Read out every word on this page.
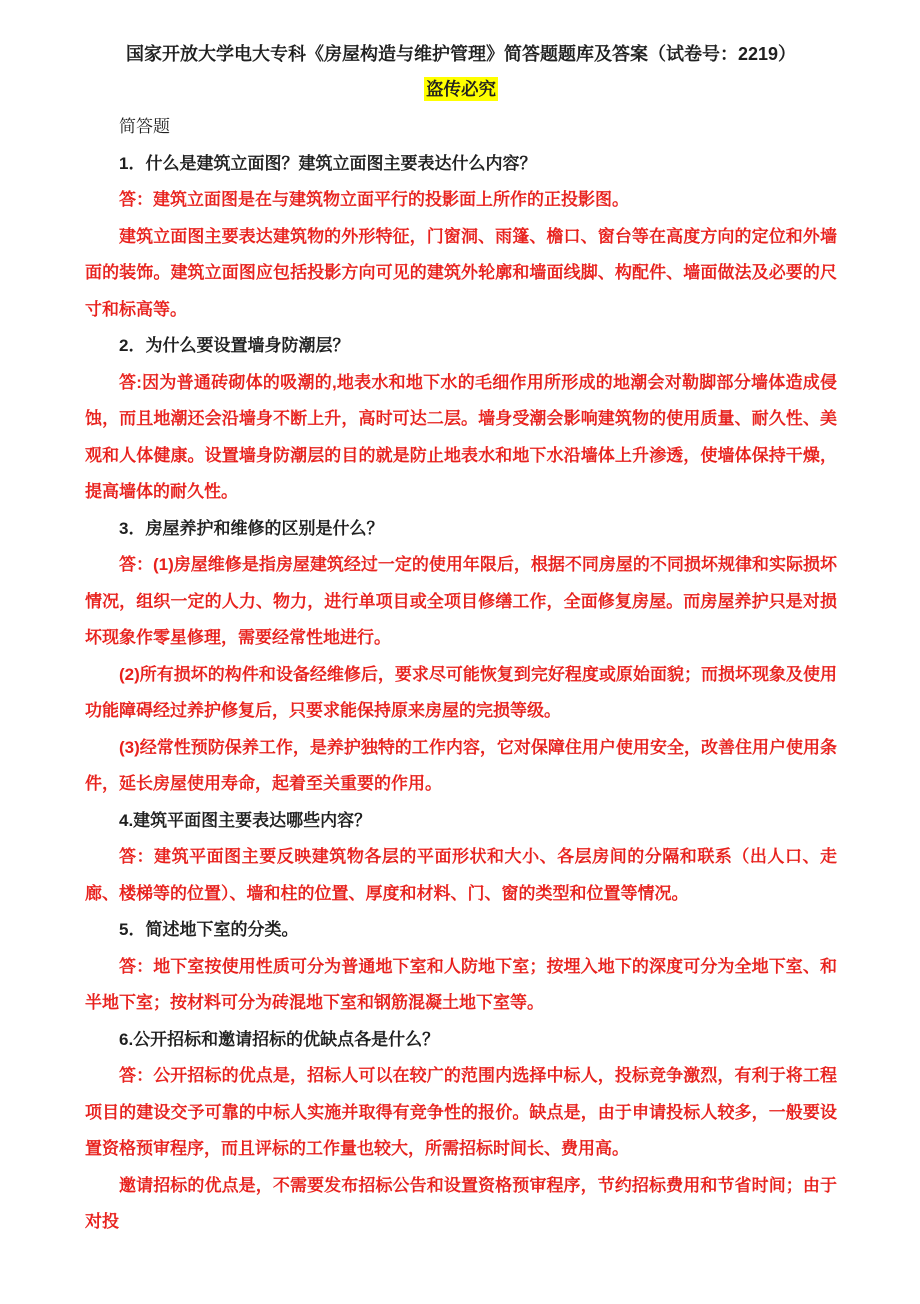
国家开放大学电大专科《房屋构造与维护管理》简答题题库及答案（试卷号：2219）
盗传必究

简答题

1．什么是建筑立面图？建筑立面图主要表达什么内容？

答：建筑立面图是在与建筑物立面平行的投影面上所作的正投影图。

建筑立面图主要表达建筑物的外形特征，门窗洞、雨篷、檐口、窗台等在高度方向的定位和外墙面的装饰。建筑立面图应包括投影方向可见的建筑外轮廓和墙面线脚、构配件、墙面做法及必要的尺寸和标高等。

2．为什么要设置墙身防潮层？

答:因为普通砖砌体的吸潮的,地表水和地下水的毛细作用所形成的地潮会对勒脚部分墙体造成侵蚀，而且地潮还会沿墙身不断上升，高时可达二层。墙身受潮会影响建筑物的使用质量、耐久性、美观和人体健康。设置墙身防潮层的目的就是防止地表水和地下水沿墙体上升渗透，使墙体保持干燥，提高墙体的耐久性。

3．房屋养护和维修的区别是什么？

答：(1)房屋维修是指房屋建筑经过一定的使用年限后，根据不同房屋的不同损坏规律和实际损坏情况，组织一定的人力、物力，进行单项目或全项目修缮工作，全面修复房屋。而房屋养护只是对损坏现象作零星修理，需要经常性地进行。

(2)所有损坏的构件和设备经维修后，要求尽可能恢复到完好程度或原始面貌；而损坏现象及使用功能障碍经过养护修复后，只要求能保持原来房屋的完损等级。

(3)经常性预防保养工作，是养护独特的工作内容，它对保障住用户使用安全，改善住用户使用条件，延长房屋使用寿命，起着至关重要的作用。

4.建筑平面图主要表达哪些内容？

答：建筑平面图主要反映建筑物各层的平面形状和大小、各层房间的分隔和联系（出人口、走廊、楼梯等的位置）、墙和柱的位置、厚度和材料、门、窗的类型和位置等情况。

5．简述地下室的分类。

答：地下室按使用性质可分为普通地下室和人防地下室；按埋入地下的深度可分为全地下室、和半地下室；按材料可分为砖混地下室和钢筋混凝土地下室等。

6.公开招标和邀请招标的优缺点各是什么？

答：公开招标的优点是，招标人可以在较广的范围内选择中标人，投标竞争激烈，有利于将工程项目的建设交予可靠的中标人实施并取得有竞争性的报价。缺点是，由于申请投标人较多，一般要设置资格预审程序，而且评标的工作量也较大，所需招标时间长、费用高。

邀请招标的优点是，不需要发布招标公告和设置资格预审程序，节约招标费用和节省时间；由于对投
